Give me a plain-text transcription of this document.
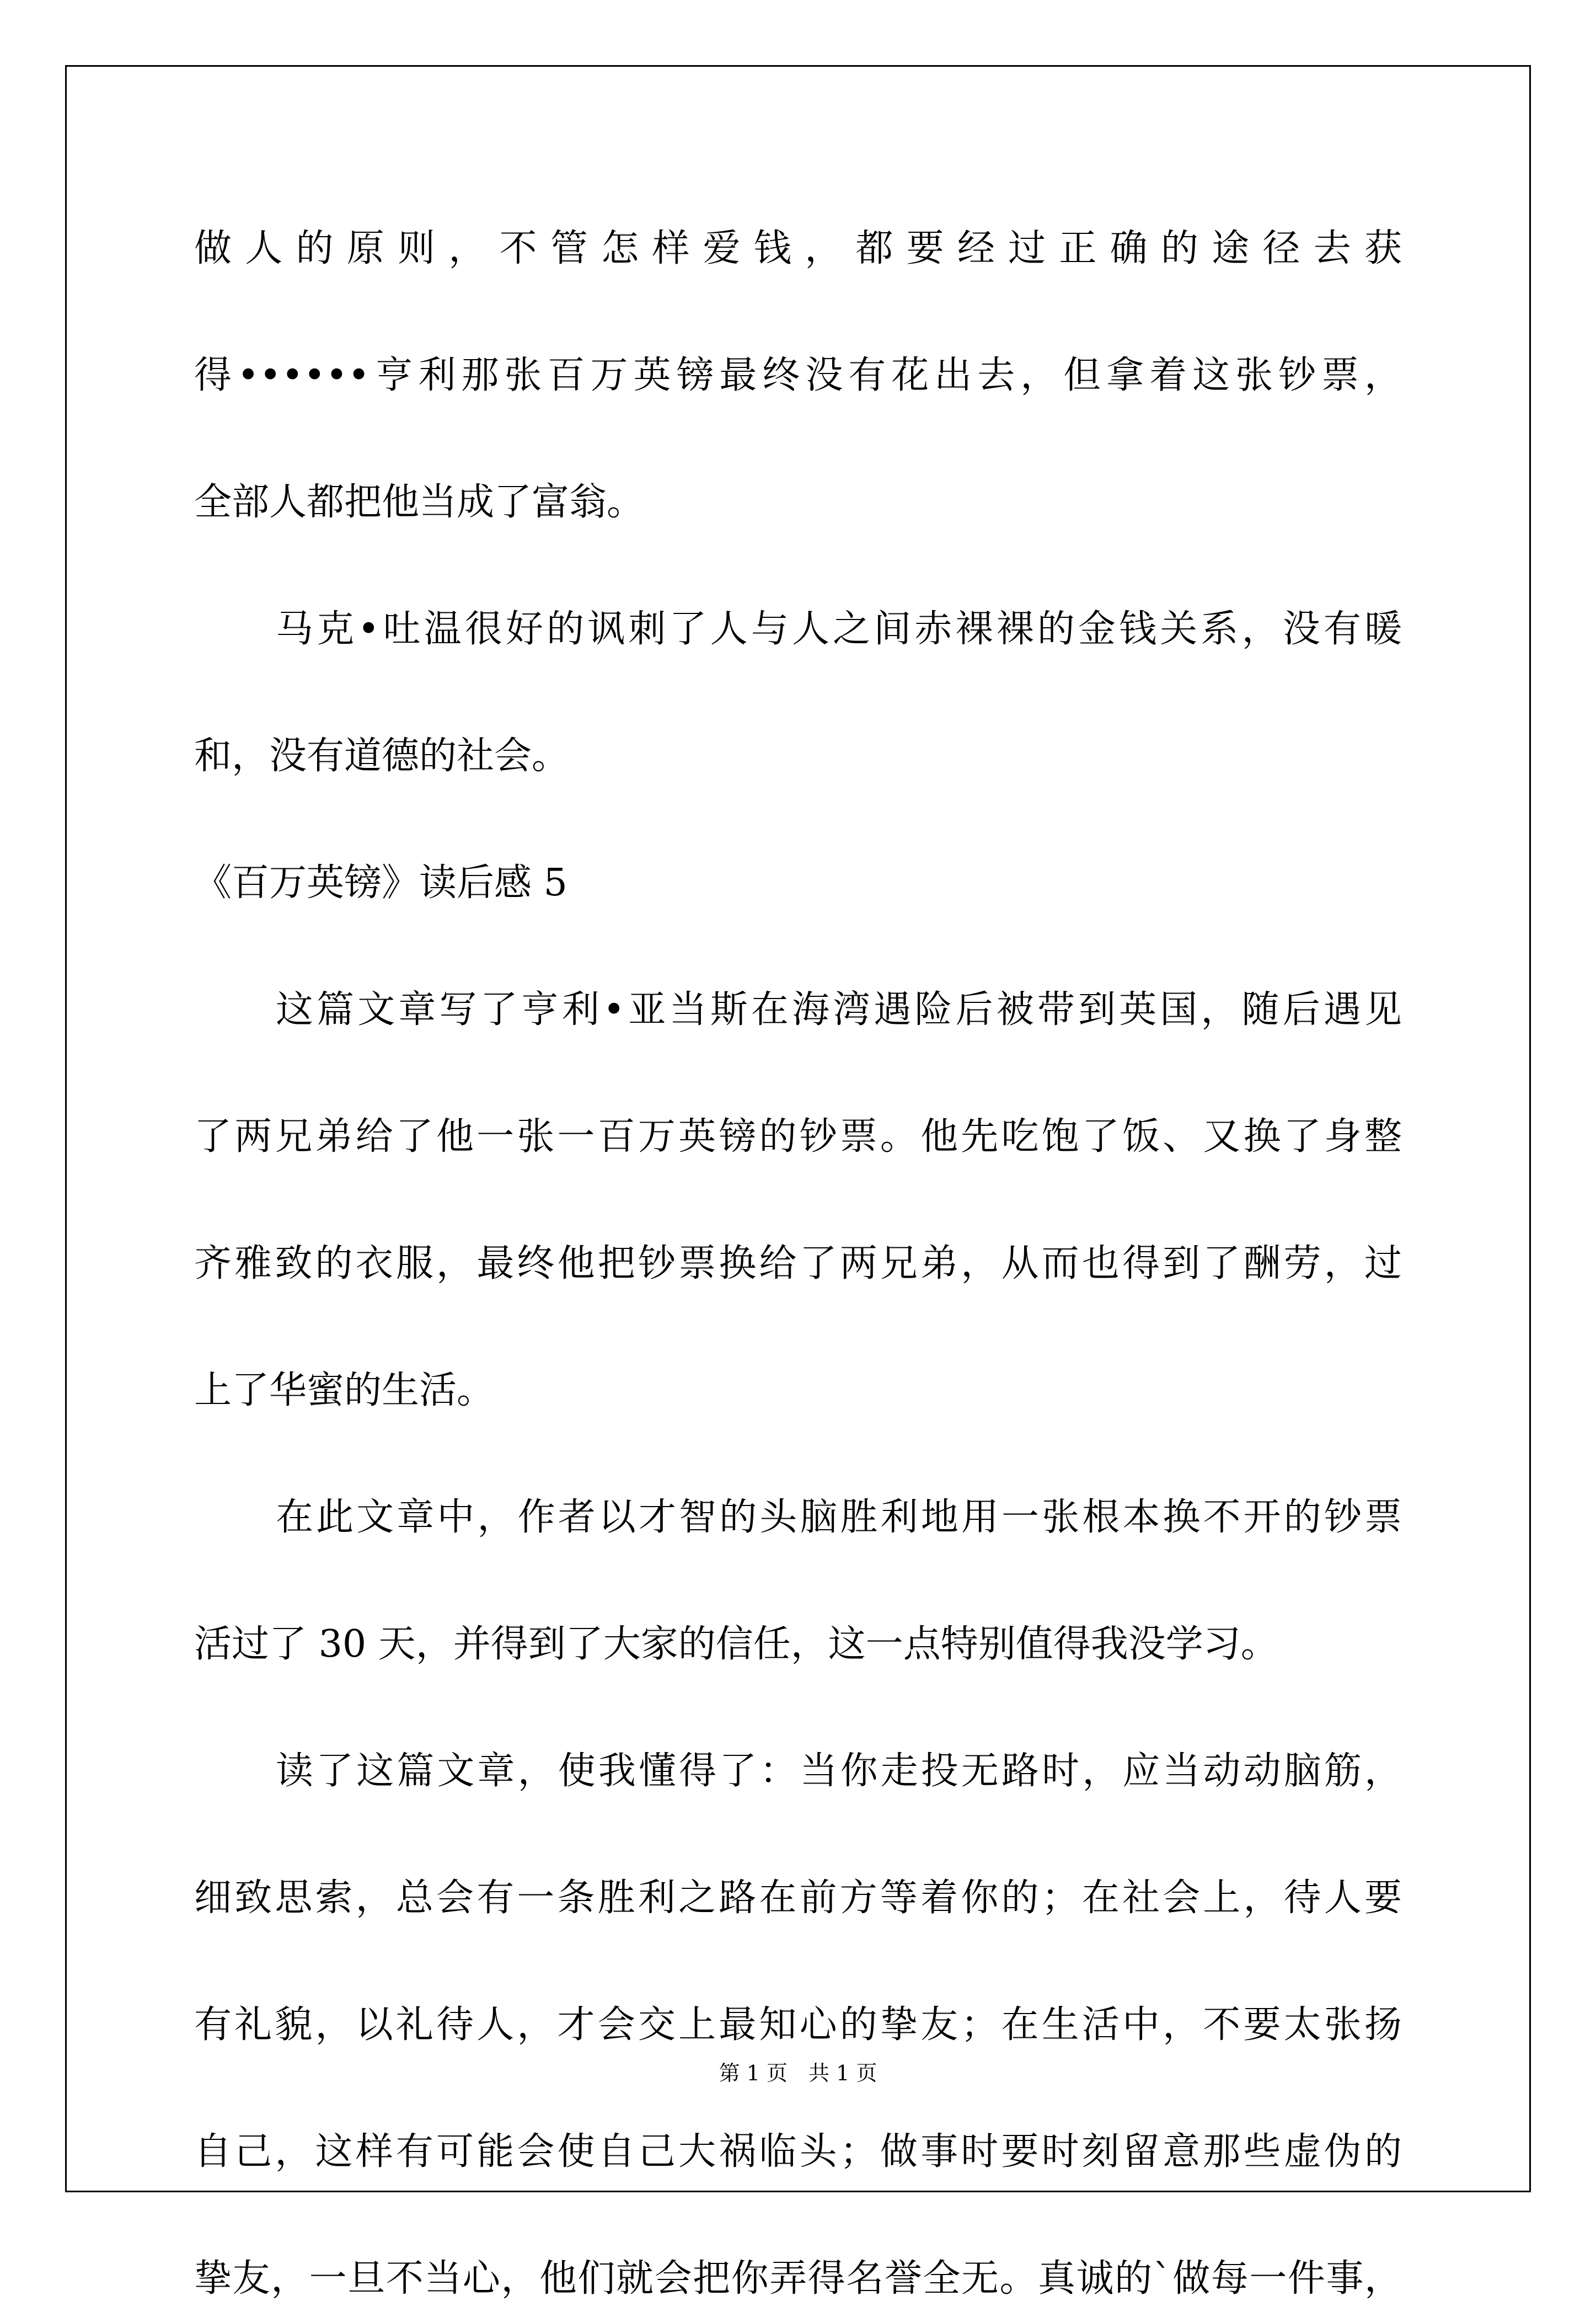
做人的原则，不管怎样爱钱，都要经过正确的途径去获
得••••••亨利那张百万英镑最终没有花出去，但拿着这张钞票，
全部人都把他当成了富翁。
马克•吐温很好的讽刺了人与人之间赤裸裸的金钱关系，没有暖
和，没有道德的社会。
《百万英镑》读后感 5
这篇文章写了亨利•亚当斯在海湾遇险后被带到英国，随后遇见
了两兄弟给了他一张一百万英镑的钞票。他先吃饱了饭、又换了身整
齐雅致的衣服，最终他把钞票换给了两兄弟，从而也得到了酬劳，过
上了华蜜的生活。
在此文章中，作者以才智的头脑胜利地用一张根本换不开的钞票
活过了 30 天，并得到了大家的信任，这一点特别值得我没学习。
读了这篇文章，使我懂得了：当你走投无路时，应当动动脑筋，
细致思索，总会有一条胜利之路在前方等着你的；在社会上，待人要
有礼貌，以礼待人，才会交上最知心的挚友；在生活中，不要太张扬
自己，这样有可能会使自己大祸临头；做事时要时刻留意那些虚伪的
挚友，一旦不当心，他们就会把你弄得名誉全无。真诚的`做每一件事，
第 1 页　共 1 页
